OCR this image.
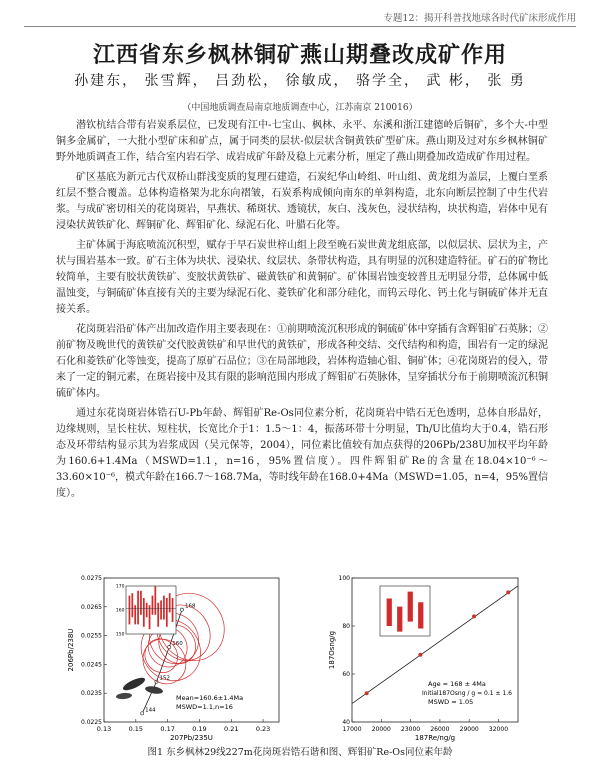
专题12：揭开科普找地球各时代矿床形成作用
江西省东乡枫林铜矿燕山期叠改成矿作用
孙建东， 张雪辉， 吕劲松， 徐敏成， 骆学全， 武 彬， 张 勇
（中国地质调查局南京地质调查中心，江苏南京 210016）

潜钦杭结合带有岩炭系层位，已发现有江中-七宝山、枫林、永平、东溪和浙江建德岭后铜矿，多个大-中型铜多金属矿，一大批小型矿床和矿点，属于同类的层状-似层状含铜黄铁矿型矿床。燕山期及过对东乡枫林铜矿野外地质调查工作，结合室内岩石学、成岩成矿年龄及稳上元素分析，厘定了燕山期叠加改造成矿作用过程。

矿区基底为新元古代双桥山群浅变质的复理石建造，石炭纪华山岭组、叶山组、黄龙组为盖层，上覆白垩系红层不整合覆盖。总体构造格架为北东向褶皱，石炭系构成倾向南东的单斜构造，北东向断层控制了中生代岩浆。与成矿密切相关的花岗斑岩，早燕状、稀斑状、透镜状，灰白、浅灰色，浸状结构，块状构造，岩体中见有浸染状黄铁矿化、辉铜矿化、辉钼矿化、绿泥石化、叶腊石化等。

主矿体属于海底喷流沉积型，赋存于早石炭世梓山组上段至晚石炭世黄龙组底部，以似层状、层状为主，产状与围岩基本一致。矿石主体为块状、浸染状、纹层状、条带状构造，具有明显的沉积建造特征。矿石的矿物比较简单，主要有胶状黄铁矿、变胶状黄铁矿、磁黄铁矿和黄铜矿。矿体围岩蚀变较普且无明显分带，总体属中低温蚀变，与铜硫矿体直接有关的主要为绿泥石化、菱铁矿化和部分硅化，而钨云母化、钙土化与铜硫矿体并无直接关系。

花岗斑岩沿矿体产出加改造作用主要表现在：①前期喷流沉积形成的铜硫矿体中穿插有含辉钼矿石英脉；②前矿物及晚世代的黄铁矿交代胶黄铁矿和早世代的黄铁矿，形成各种交结、交代结构和构造，围岩有一定的绿泥石化和菱铁矿化等蚀变，提高了原矿石品位；③在局部地段，岩体构造轴心钼、铜矿体；④花岗斑岩的侵入，带来了一定的铜元素，在斑岩接中及其有限的影响范围内形成了辉钼矿石英脉体，呈穿插状分布于前期喷流沉积铜硫矿体内。

通过东花岗斑岩体锆石U-Pb年龄、辉钼矿Re-Os同位素分析，花岗斑岩中锆石无色透明，总体自形晶好，边缘规则，呈长柱状、短柱状，长宽比介于1：1.5～1：4，振荡环带十分明显，Th/U比值均大于0.4，锆石形态及环带结构显示其为岩浆成因（吴元保等，2004），同位素比值较有加点获得的206Pb/238U加权平均年龄为160.6+1.4Ma（MSWD=1.1，n=16，95%置信度）。四件辉钼矿Re的含量在18.04×10⁻⁶～33.60×10⁻⁶，模式年龄在166.7～168.7Ma，等时线年龄在168.0+4Ma（MSWD=1.05，n=4，95%置信度）。

0.13	0.15	0.17	0.19	0.21	0.23
0.0225
0.0235
0.0245
0.0255
0.0265
0.0275
207Pb/235U
206Pb/238U
144
152
160
168
170
160
150
Mean=160.6±1.4Ma
MSWD=1.1,n=16
17000 20000 23000 26000 29000 32000
40
60
80
100
187Re/ng/g
187Osng/g
Age = 168 ± 4Ma
Initial187Osng / g = 0.1 ± 1.6
MSWD = 1.05
图1 东乡枫林29线227m花岗斑岩锆石谐和图、辉钼矿Re-Os同位素年龄
